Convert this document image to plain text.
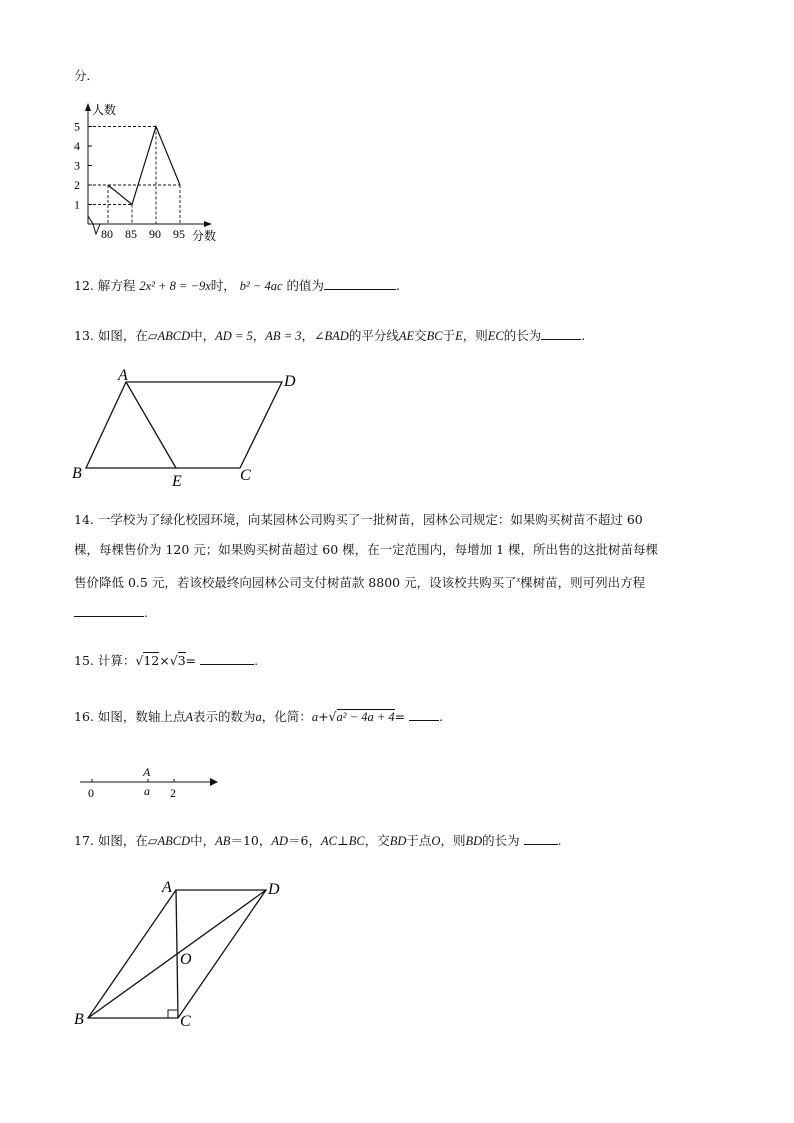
分．
1
2
3
4
5
80 85 90 95
人数
分数
12. 解方程 2x² + 8 = −9x时， b² − 4ac 的值为	.
13. 如图，在▱ABCD中，AD = 5，AB = 3，∠BAD的平分线AE交BC于E，则EC的长为	.
A	D
B	C
E
14. 一学校为了绿化校园环境，向某园林公司购买了一批树苗，园林公司规定：如果购买树苗不超过 60
棵，每棵售价为 120 元；如果购买树苗超过 60 棵，在一定范围内，每增加 1 棵，所出售的这批树苗每棵
售价降低 0.5 元，若该校最终向园林公司支付树苗款 8800 元，设该校共购买了$^x$棵树苗，则可列出方程
.
15. 计算：√12×√3=	.
16. 如图，数轴上点A表示的数为a，化简：a+√a² − 4a + 4=	.
0
A
a 2
17. 如图，在▱ABCD中，AB＝10，AD＝6，AC⊥BC，交BD于点O，则BD的长为	.
A	D
B	C
O
